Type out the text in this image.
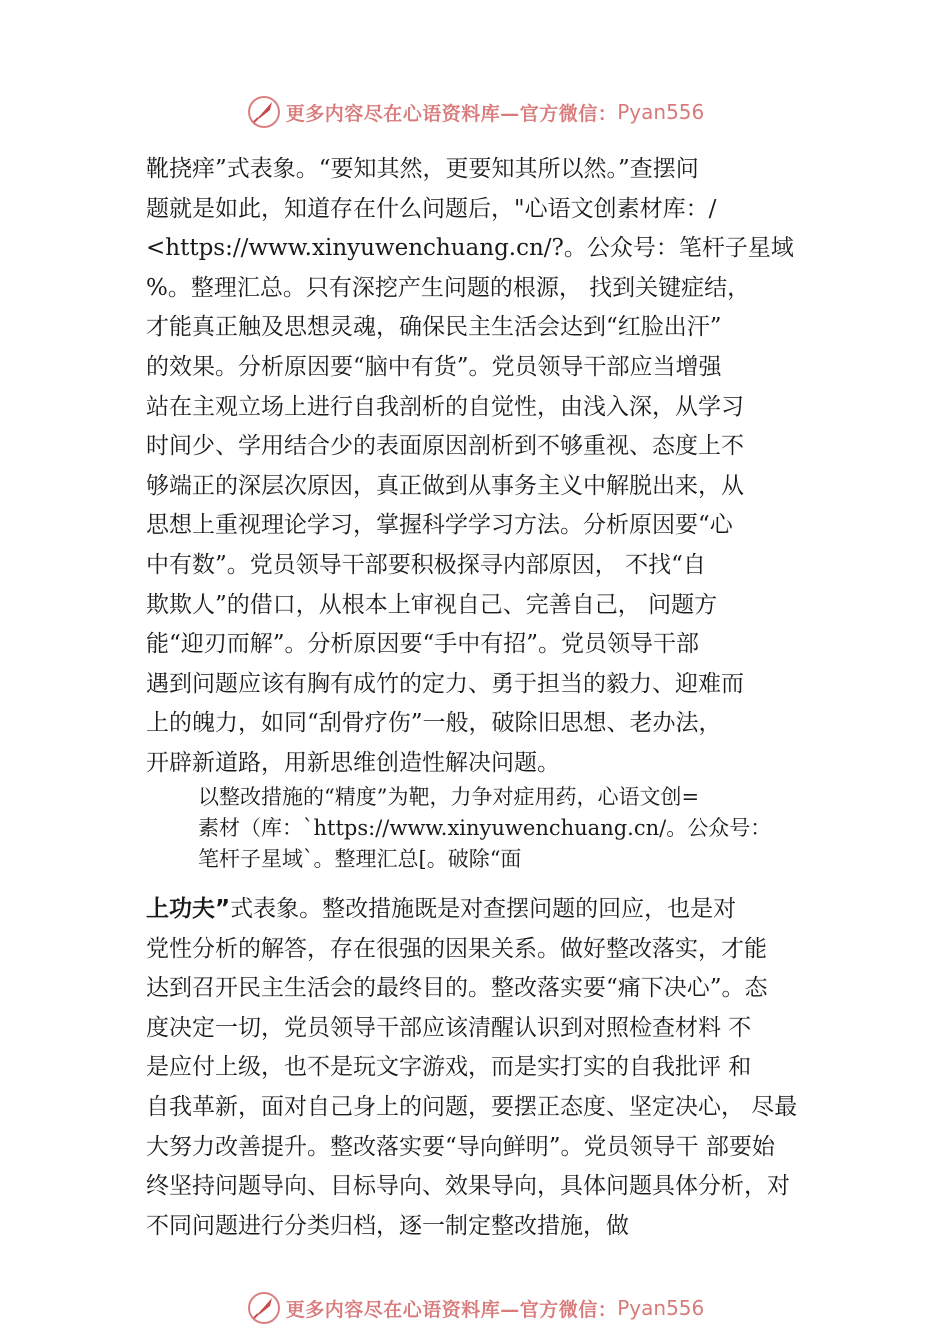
更多内容尽在心语资料库—官方微信： Pyan556

靴挠痒”式表象。“要知其然，更要知其所以然。”查摆问

题就是如此，知道存在什么问题后，"心语文创素材库：/

<https://www.xinyuwenchuang.cn/?。公众号：笔杆子星域

%。整理汇总。只有深挖产生问题的根源， 找到关键症结，

才能真正触及思想灵魂，确保民主生活会达到“红脸出汗”

的效果。分析原因要“脑中有货”。党员领导干部应当增强

站在主观立场上进行自我剖析的自觉性，由浅入深，从学习

时间少、学用结合少的表面原因剖析到不够重视、态度上不

够端正的深层次原因，真正做到从事务主义中解脱出来，从

思想上重视理论学习，掌握科学学习方法。分析原因要“心

中有数”。党员领导干部要积极探寻内部原因， 不找“自

欺欺人”的借口，从根本上审视自己、完善自己， 问题方

能“迎刃而解”。分析原因要“手中有招”。党员领导干部

遇到问题应该有胸有成竹的定力、勇于担当的毅力、迎难而

上的魄力，如同“刮骨疗伤”一般，破除旧思想、老办法，

开辟新道路，用新思维创造性解决问题。

以整改措施的“精度”为靶，力争对症用药，心语文创=

素材（库：`https://www.xinyuwenchuang.cn/。公众号：

笔杆子星域`。整理汇总[。破除“面

上功夫”式表象。整改措施既是对查摆问题的回应，也是对

党性分析的解答，存在很强的因果关系。做好整改落实，才能

达到召开民主生活会的最终目的。整改落实要“痛下决心”。态

度决定一切，党员领导干部应该清醒认识到对照检查材料 不

是应付上级，也不是玩文字游戏，而是实打实的自我批评 和

自我革新，面对自己身上的问题，要摆正态度、坚定决心， 尽最

大努力改善提升。整改落实要“导向鲜明”。党员领导干 部要始

终坚持问题导向、目标导向、效果导向，具体问题具体分析，对

不同问题进行分类归档，逐一制定整改措施，做

更多内容尽在心语资料库—官方微信： Pyan556
